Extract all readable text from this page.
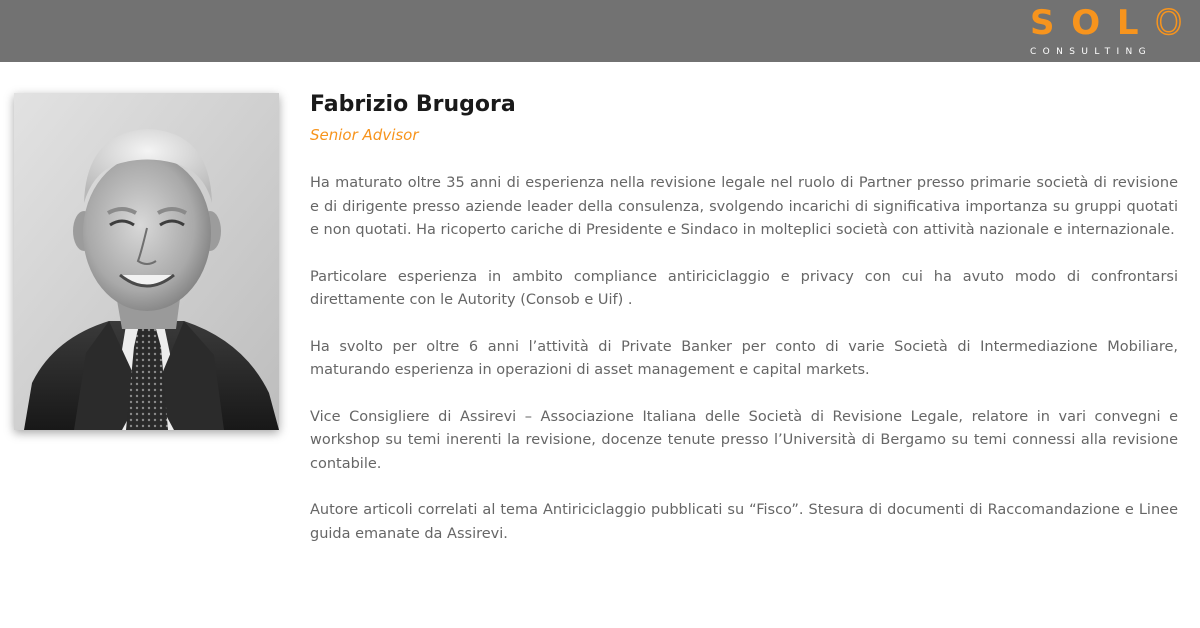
S O L O
CONSULTING
Fabrizio Brugora
Senior Advisor

Ha maturato oltre 35 anni di esperienza nella revisione legale nel ruolo di Partner presso primarie società di revisione e di dirigente presso aziende leader della consulenza, svolgendo incarichi di significativa importanza su gruppi quotati e non quotati. Ha ricoperto cariche di Presidente e Sindaco in molteplici società con attività nazionale e internazionale.

Particolare esperienza in ambito compliance antiriciclaggio e privacy con cui ha avuto modo di confrontarsi direttamente con le Autority (Consob e Uif) .

Ha svolto per oltre 6 anni l’attività di Private Banker per conto di varie Società di Intermediazione Mobiliare, maturando esperienza in operazioni di asset management e capital markets.

Vice Consigliere di Assirevi – Associazione Italiana delle Società di Revisione Legale, relatore in vari convegni e workshop su temi inerenti la revisione, docenze tenute presso l’Università di Bergamo su temi connessi alla revisione contabile.

Autore articoli correlati al tema Antiriciclaggio pubblicati su “Fisco”. Stesura di documenti di Raccomandazione e Linee guida emanate da Assirevi.
